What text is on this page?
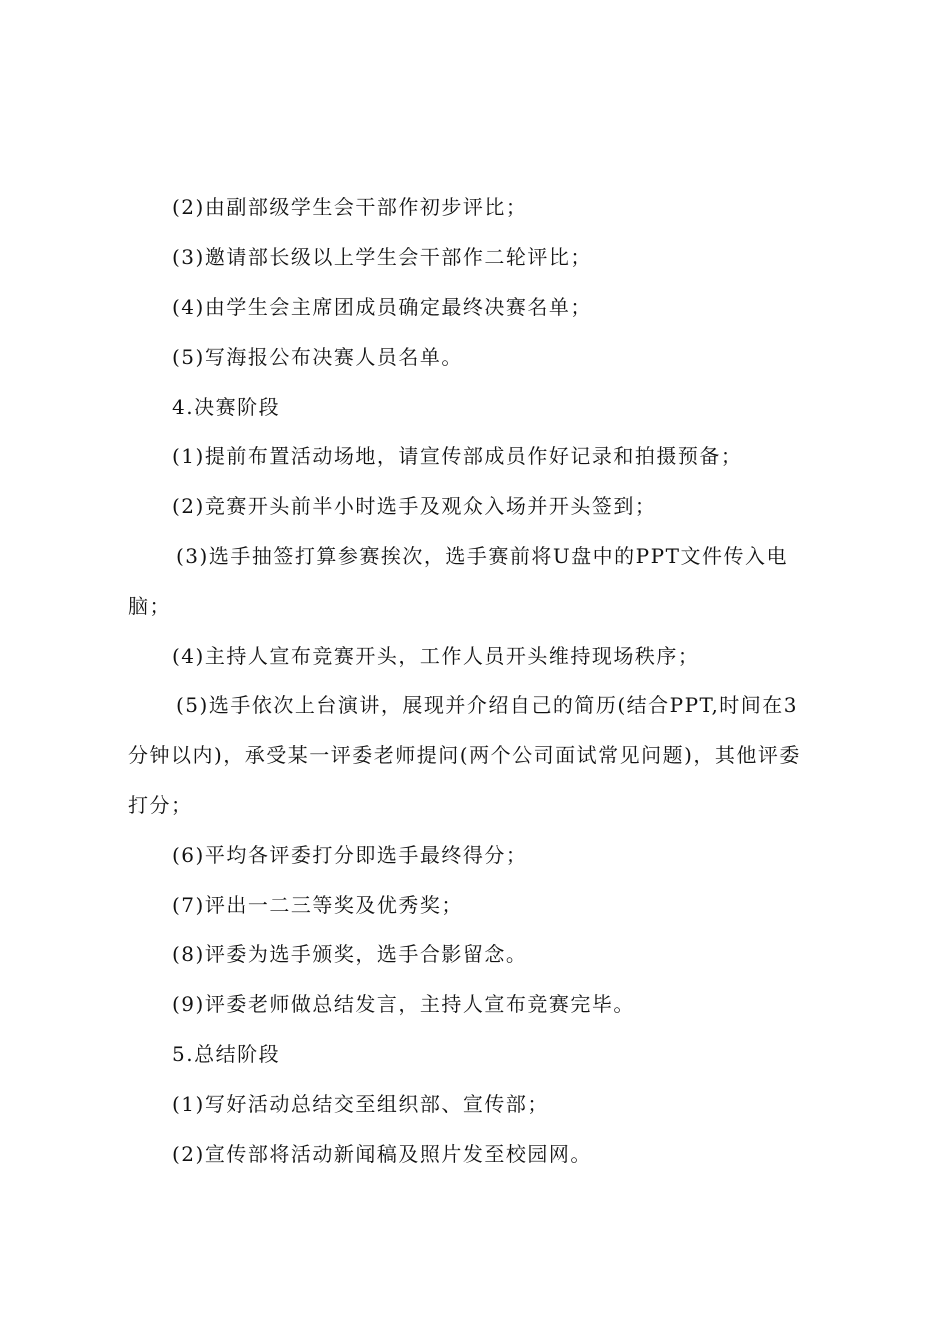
(2)由副部级学生会干部作初步评比；
(3)邀请部长级以上学生会干部作二轮评比；
(4)由学生会主席团成员确定最终决赛名单；
(5)写海报公布决赛人员名单。
4.决赛阶段
(1)提前布置活动场地，请宣传部成员作好记录和拍摄预备；
(2)竞赛开头前半小时选手及观众入场并开头签到；
(3)选手抽签打算参赛挨次，选手赛前将U盘中的PPT文件传入电
脑；
(4)主持人宣布竞赛开头，工作人员开头维持现场秩序；
(5)选手依次上台演讲，展现并介绍自己的简历(结合PPT,时间在3
分钟以内)，承受某一评委老师提问(两个公司面试常见问题)，其他评委
打分；
(6)平均各评委打分即选手最终得分；
(7)评出一二三等奖及优秀奖；
(8)评委为选手颁奖，选手合影留念。
(9)评委老师做总结发言，主持人宣布竞赛完毕。
5.总结阶段
(1)写好活动总结交至组织部、宣传部；
(2)宣传部将活动新闻稿及照片发至校园网。
